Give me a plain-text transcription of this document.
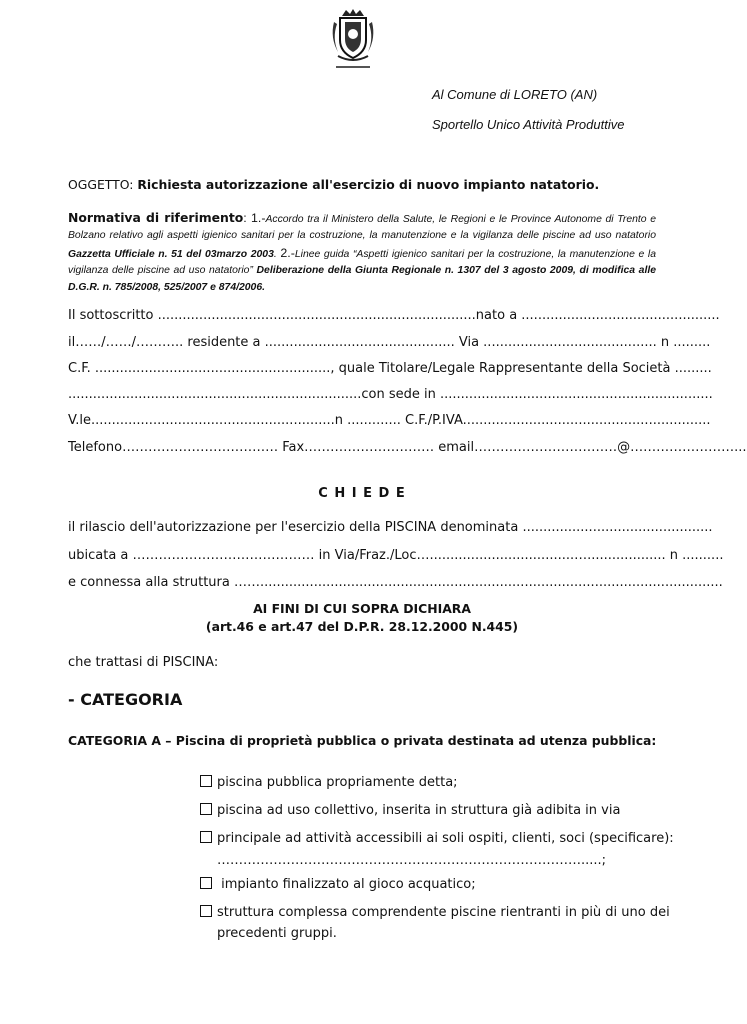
Al Comune di LORETO (AN)
Sportello Unico Attività Produttive
OGGETTO: Richiesta autorizzazione all'esercizio di nuovo impianto natatorio.
Normativa di riferimento: 1.-Accordo tra il Ministero della Salute, le Regioni e le Province Autonome di Trento e Bolzano relativo agli aspetti igienico sanitari per la costruzione, la manutenzione e la vigilanza delle piscine ad uso natatorio Gazzetta Ufficiale n. 51 del 03marzo 2003. 2.-Linee guida “Aspetti igienico sanitari per la costruzione, la manutenzione e la vigilanza delle piscine ad uso natatorio” Deliberazione della Giunta Regionale n. 1307 del 3 agosto 2009, di modifica alle D.G.R. n. 785/2008, 525/2007 e 874/2006.
Il sottoscritto .............................................................................nato a ................................................
il……/……/……….. residente a .............................................. Via .......................................... n .........
C.F. ........................................................., quale Titolare/Legale Rappresentante della Società .........
.......................................................................con sede in ..................................................................
V.le...........................................................n ............. C.F./P.IVA............................................................
Telefono……………………………… Fax………………………… email……………………………@……………………...
C H I E D E
il rilascio dell'autorizzazione per l'esercizio della PISCINA denominata ..............................................
ubicata a …………………………………… in Via/Fraz./Loc…...................................…................... n ..........
e connessa alla struttura ……................................................................................................................
AI FINI DI CUI SOPRA DICHIARA
(art.46 e art.47 del D.P.R. 28.12.2000 N.445)
che trattasi di PISCINA:
- CATEGORIA
CATEGORIA A – Piscina di proprietà pubblica o privata destinata ad utenza pubblica:
piscina pubblica propriamente detta;
piscina ad uso collettivo, inserita in struttura già adibita in via
principale ad attività accessibili ai soli ospiti, clienti, soci (specificare):
………………………………………………………………………….....;
impianto finalizzato al gioco acquatico;
struttura complessa comprendente piscine rientranti in più di uno dei
precedenti gruppi.
